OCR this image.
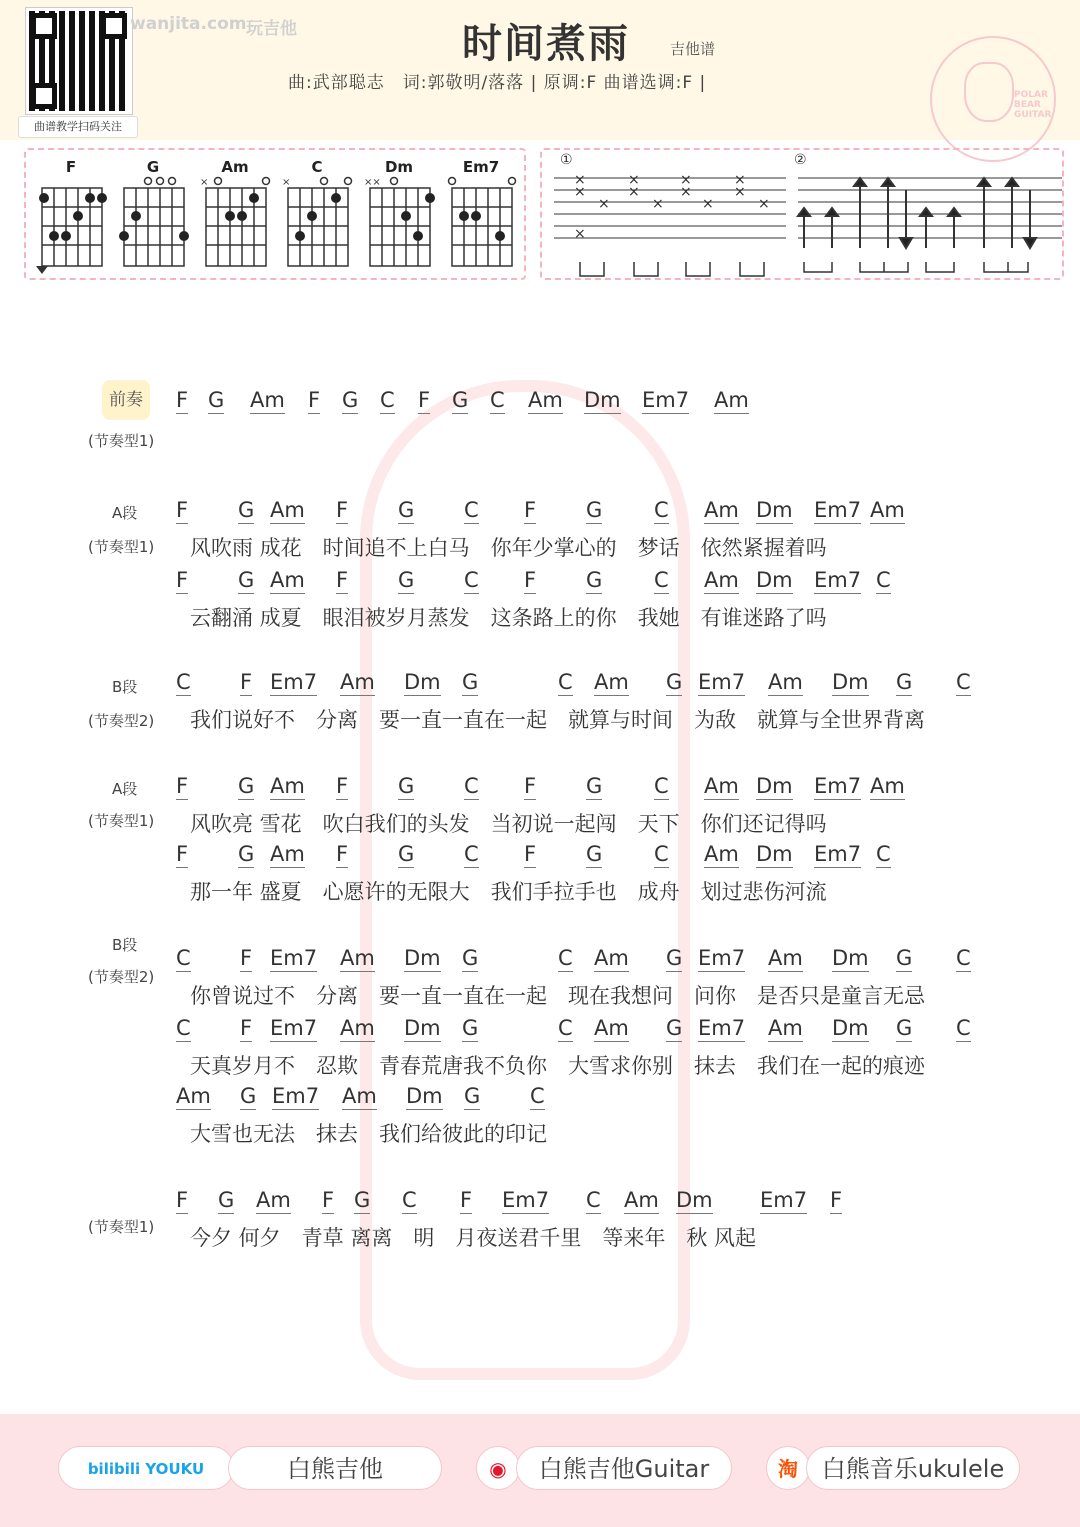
曲谱教学扫码关注
wanjita.com 玩吉他	时间煮雨	吉他谱
曲:武部聪志　词:郭敬明/落落 | 原调:F 曲谱选调:F |
POLAR BEAR GUITAR
F	G	Am
×
C
×
Dm
××
Em7	①	②
×
×
×
×
×
×
×
×
×
×
×
×
×
前奏
(节奏型1)
F G Am F G C F G C Am Dm Em7 Am
A段
(节奏型1)
F G Am F G C F G C Am Dm Em7 Am
风吹雨 成花　时间追不上白马　你年少掌心的　梦话　依然紧握着吗
F G Am F G C F G C Am Dm Em7 C
云翻涌 成夏　眼泪被岁月蒸发　这条路上的你　我她　有谁迷路了吗
B段
(节奏型2)
C F Em7 Am Dm G	C Am G Em7 Am Dm G C
我们说好不　分离　要一直一直在一起　就算与时间　为敌　就算与全世界背离
A段
(节奏型1)
F G Am F G C F G C Am Dm Em7 Am
风吹亮 雪花　吹白我们的头发　当初说一起闯　天下　你们还记得吗
F G Am F G C F G C Am Dm Em7 C
那一年 盛夏　心愿许的无限大　我们手拉手也　成舟　划过悲伤河流
B段
(节奏型2)
C F Em7 Am Dm G	C Am G Em7 Am Dm G C
你曾说过不　分离　要一直一直在一起　现在我想问　问你　是否只是童言无忌
C F Em7 Am Dm G	C Am G Em7 Am Dm G C
天真岁月不　忍欺　青春荒唐我不负你　大雪求你别　抹去　我们在一起的痕迹
Am G Em7 Am Dm G C
大雪也无法　抹去　我们给彼此的印记
(节奏型1)
F G Am F G C F Em7 C Am Dm Em7 F
今夕 何夕　青草 离离　明　月夜送君千里　等来年　秋 风起
bilibili YOUKU	白熊吉他	◉	白熊吉他Guitar	淘 白熊音乐ukulele
